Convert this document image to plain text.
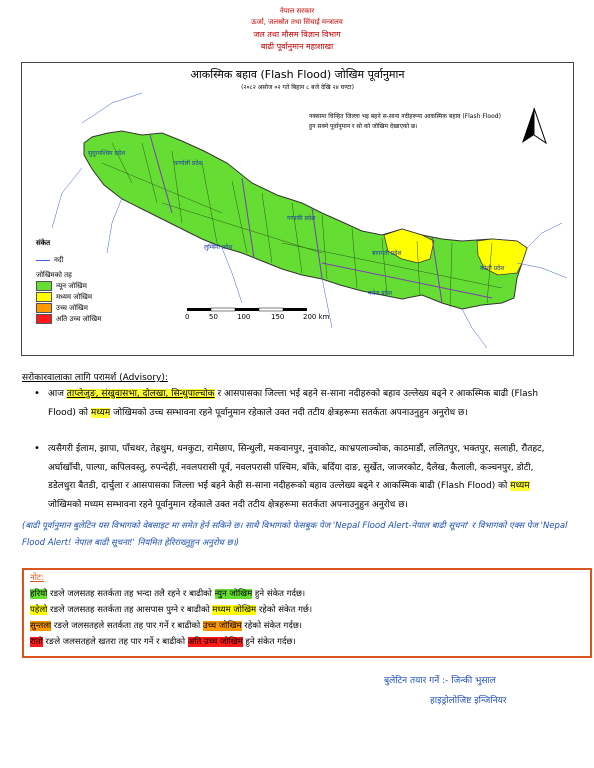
नेपाल सरकार
ऊर्जा, जलस्रोत तथा सिंचाई मन्त्रालय
जल तथा मौसम विज्ञान विभाग
बाढी पूर्वानुमान महाशाखा
आकस्मिक बहाव (Flash Flood) जोखिम पूर्वानुमान
(२०८२ असोज ०२ गते बिहान ८ बजे देखि २४ घण्टा)
नक्सामा चिन्हित जिल्ला भइ बहने स-साना नदीहरूमा आकस्मिक बहाव (Flash Flood) हुन सक्ने पूर्वानुमान र सो को जोखिम देखाएको छ।
सुदूरपश्चिम प्रदेश
कर्णाली प्रदेश
लुम्बिनी प्रदेश
गण्डकी प्रदेश
बागमती प्रदेश
कोशी प्रदेश
मधेश प्रदेश
0	50	100	150	200 km
संकेत
नदी
जोखिमको तह
न्यून जोखिम
मध्यम जोखिम
उच्च जोखिम
अति उच्च जोखिम
सरोकारवालाका लागि परामर्श (Advisory):
• आज ताप्लेजुङ, संखुवासभा, दोलखा, सिन्धुपाल्चोक र आसपासका जिल्ला भई बहने स-साना नदीहरुको बहाव उल्लेख्य बढ्ने र आकस्मिक बाढी (Flash Flood) को मध्यम जोखिमको उच्च सम्भावना रहने पूर्वानुमान रहेकाले उक्त नदी तटीय क्षेत्रहरूमा सतर्कता अपनाउनुहुन अनुरोध छ।
• त्यसैगरी ईलाम, झापा, पाँचथर, तेह्रथुम, धनकुटा, रामेछाप, सिन्धुली, मकवानपुर, नुवाकोट, काभ्रपलाञ्चोक, काठमाडौं, ललितपुर, भक्तपुर, सलाही, रौतहट, अर्घाखाँची, पाल्पा, कपिलवस्तु, रुपन्देही, नवलपरासी पूर्व, नवलपरासी पश्चिम, बाँके, बर्दिया दाङ, सुर्खेत, जाजरकोट, दैलेख, कैलाली, कञ्चनपुर, डोटी, डडेलधुरा बैतडी, दार्चुला र आसपासका जिल्ला भई बहने केही स-साना नदीहरूको बहाव उल्लेख्य बढ्ने र आकस्मिक बाढी (Flash Flood) को मध्यम जोखिमको मध्यम सम्भावना रहने पूर्वानुमान रहेकाले उक्त नदी तटीय क्षेत्रहरूमा सतर्कता अपनाउनुहुन अनुरोध छ।
(बाढी पूर्वानुमान बुलेटिन यस विभागको वेबसाइट मा समेत हेर्न सकिने छ। साथै विभागको फेसबुक पेज 'Nepal Flood Alert-नेपाल बाढी सूचना' र विभागको एक्स पेज 'Nepal Flood Alert! नेपाल बाढी सूचना!' नियमित हेरिराख्नुहुन अनुरोध छ।)
नोट:
हरियो रङले जलसतह सतर्कता तह भन्दा तलै रहने र बाढीको न्युन जोखिम हुने संकेत गर्दछ।
पहेलो रङले जलसतह सतर्कता तह आसपास पुग्ने र बाढीको मध्यम जोखिम रहेको संकेत गर्छ।
सुन्तला रङले जलसतहले सतर्कता तह पार गर्ने र बाढीको उच्च जोखिम रहेको संकेत गर्दछ।
रातो रङले जलसतहले खतरा तह पार गर्ने र बाढीको अति उच्च जोखिम हुने संकेत गर्दछ।
बुलेटिन तयार गर्ने :- जिन्की भुसाल
हाइड्रोलोजिष्ट इन्जिनियर
